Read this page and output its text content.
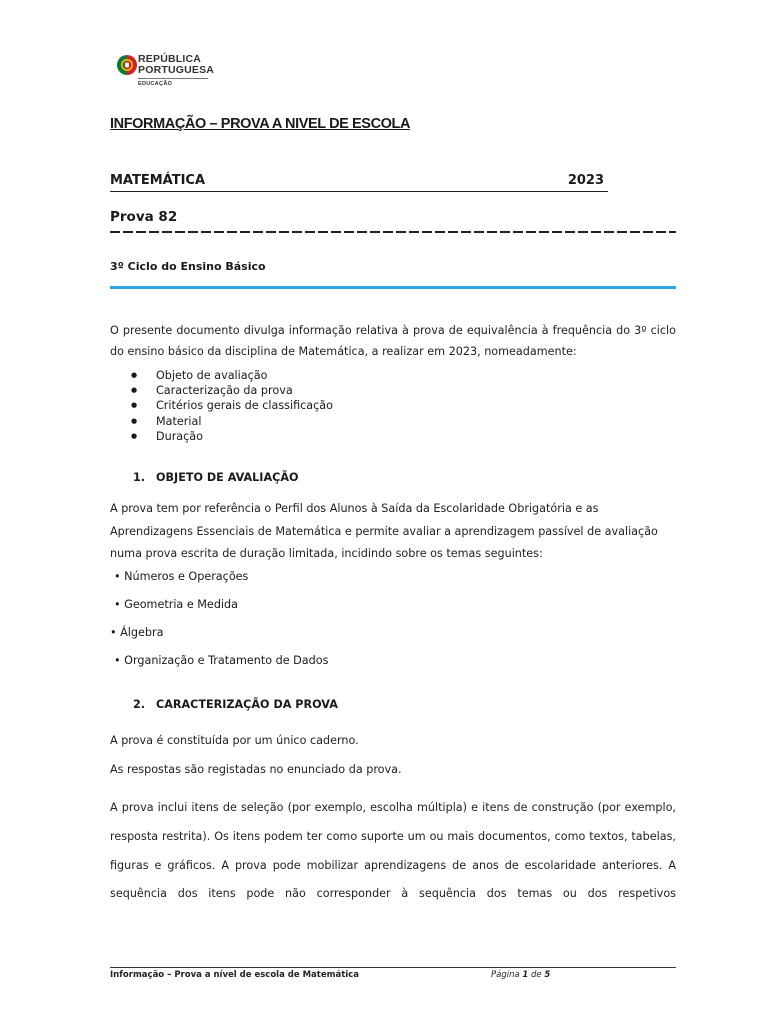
REPÚBLICA
PORTUGUESA
EDUCAÇÃO
INFORMAÇÃO – PROVA A NIVEL DE ESCOLA
MATEMÁTICA	2023
Prova 82
3º Ciclo do Ensino Básico
O presente documento divulga informação relativa à prova de equivalência à frequência do 3º ciclo do ensino básico da disciplina de Matemática, a realizar em 2023, nomeadamente:
● Objeto de avaliação
● Caracterização da prova
● Critérios gerais de classificação
● Material
● Duração
1. OBJETO DE AVALIAÇÃO
A prova tem por referência o Perfil dos Alunos à Saída da Escolaridade Obrigatória e as Aprendizagens Essenciais de Matemática e permite avaliar a aprendizagem passível de avaliação numa prova escrita de duração limitada, incidindo sobre os temas seguintes:
• Números e Operações
• Geometria e Medida
• Álgebra
• Organização e Tratamento de Dados
2. CARACTERIZAÇÃO DA PROVA
A prova é constituída por um único caderno.
As respostas são registadas no enunciado da prova.
A prova inclui itens de seleção (por exemplo, escolha múltipla) e itens de construção (por exemplo, resposta restrita). Os itens podem ter como suporte um ou mais documentos, como textos, tabelas, figuras e gráficos. A prova pode mobilizar aprendizagens de anos de escolaridade anteriores. A sequência dos itens pode não corresponder à sequência dos temas ou dos respetivos
Informação – Prova a nível de escola de Matemática	Página 1 de 5
